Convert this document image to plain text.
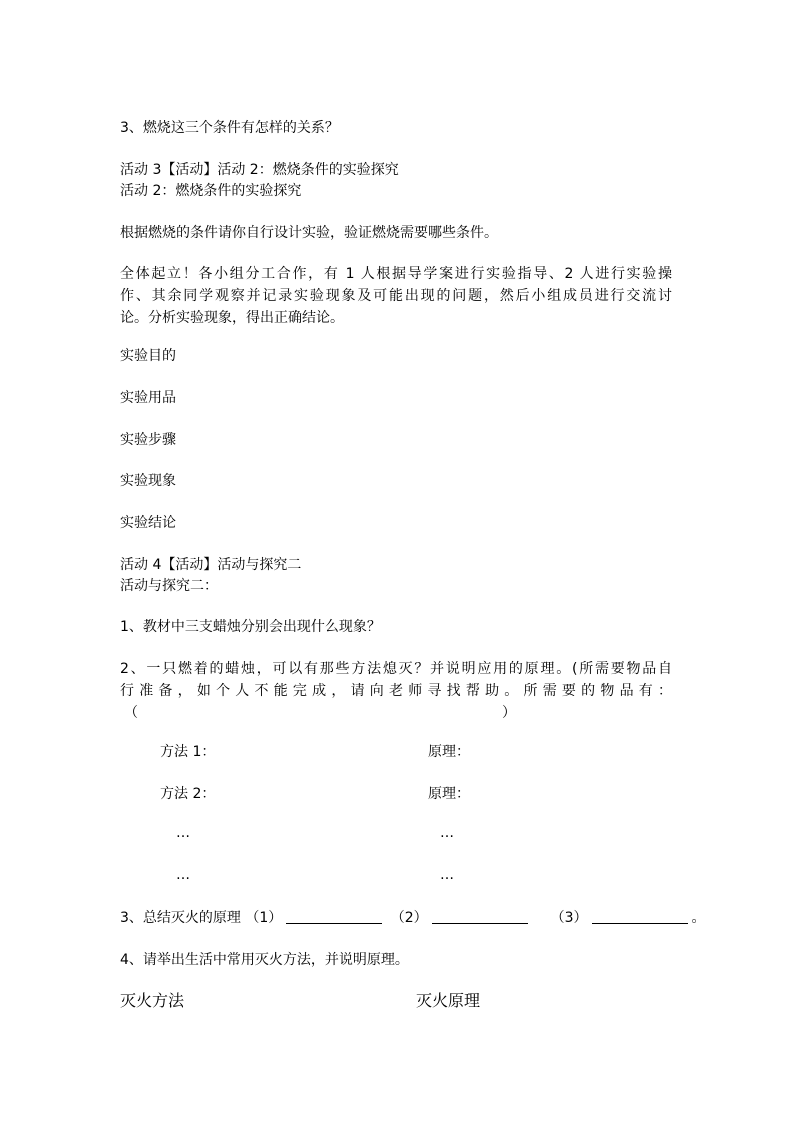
3、燃烧这三个条件有怎样的关系？
活动 3【活动】活动 2：燃烧条件的实验探究
活动 2：燃烧条件的实验探究
根据燃烧的条件请你自行设计实验，验证燃烧需要哪些条件。
全体起立！各小组分工合作，有 1 人根据导学案进行实验指导、2 人进行实验操
作、其余同学观察并记录实验现象及可能出现的问题，然后小组成员进行交流讨
论。分析实验现象，得出正确结论。
实验目的
实验用品
实验步骤
实验现象
实验结论
活动 4【活动】活动与探究二
活动与探究二：
1、教材中三支蜡烛分别会出现什么现象？
2、一只燃着的蜡烛，可以有那些方法熄灭？并说明应用的原理。(所需要物品自
行准备，如个人不能完成，请向老师寻找帮助。所需要的物品有：
（	）
方法 1：	原理：
方法 2：	原理：
…	…
…	…
3、总结灭火的原理 （1）	（2）	（3）	。
4、请举出生活中常用灭火方法，并说明原理。
灭火方法	灭火原理
